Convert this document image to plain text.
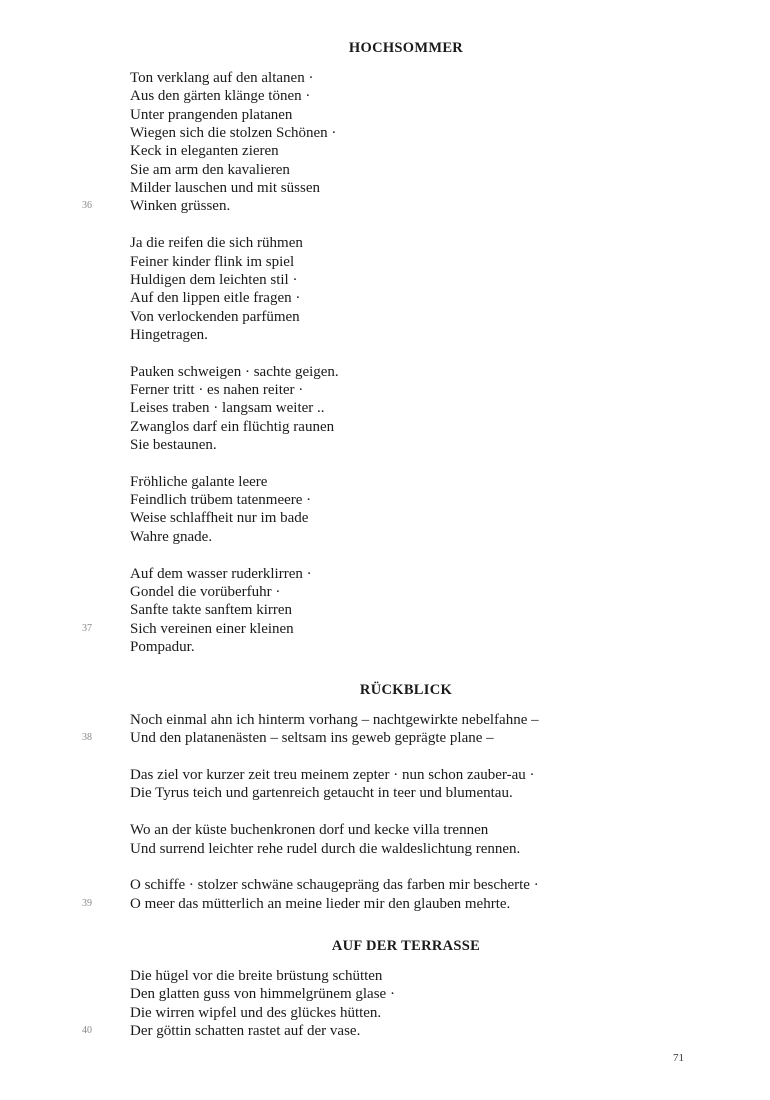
HOCHSOMMER
Ton verklang auf den altanen ·
Aus den gärten klänge tönen ·
Unter prangenden platanen
Wiegen sich die stolzen Schönen ·
Keck in eleganten zieren
Sie am arm den kavalieren
Milder lauschen und mit süssen
Winken grüssen.
Ja die reifen die sich rühmen
Feiner kinder flink im spiel
Huldigen dem leichten stil ·
Auf den lippen eitle fragen ·
Von verlockenden parfümen
Hingetragen.
Pauken schweigen · sachte geigen.
Ferner tritt · es nahen reiter ·
Leises traben · langsam weiter ..
Zwanglos darf ein flüchtig raunen
Sie bestaunen.
Fröhliche galante leere
Feindlich trübem tatenmeere ·
Weise schlaffheit nur im bade
Wahre gnade.
Auf dem wasser ruderklirren ·
Gondel die vorüberfuhr ·
Sanfte takte sanftem kirren
Sich vereinen einer kleinen
Pompadur.
RÜCKBLICK
Noch einmal ahn ich hinterm vorhang – nachtgewirkte nebelfahne –
Und den platanenästen – seltsam ins geweb geprägte plane –
Das ziel vor kurzer zeit treu meinem zepter · nun schon zauber-au ·
Die Tyrus teich und gartenreich getaucht in teer und blumentau.
Wo an der küste buchenkronen dorf und kecke villa trennen
Und surrend leichter rehe rudel durch die waldeslichtung rennen.
O schiffe · stolzer schwäne schaugepräng das farben mir bescherte ·
O meer das mütterlich an meine lieder mir den glauben mehrte.
AUF DER TERRASSE
Die hügel vor die breite brüstung schütten
Den glatten guss von himmelgrünem glase ·
Die wirren wipfel und des glückes hütten.
Der göttin schatten rastet auf der vase.
36
37
38
39
40
71
